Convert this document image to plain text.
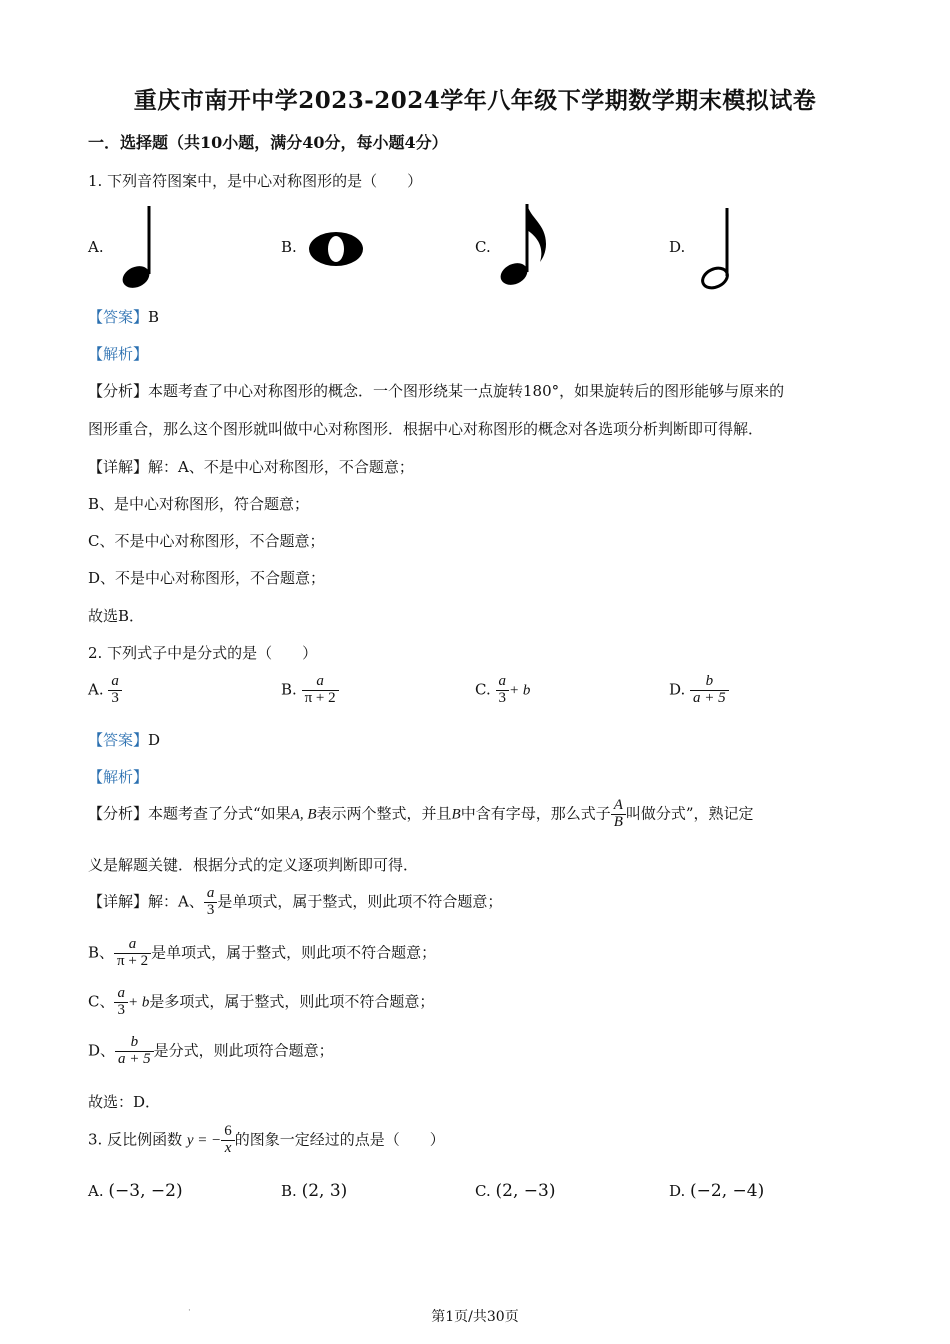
重庆市南开中学2023-2024学年八年级下学期数学期末模拟试卷
一．选择题（共10小题，满分40分，每小题4分）
1. 下列音符图案中，是中心对称图形的是（　　）
A.	B.	C.	D.
【答案】B
【解析】
【分析】本题考查了中心对称图形的概念．一个图形绕某一点旋转180°，如果旋转后的图形能够与原来的
图形重合，那么这个图形就叫做中心对称图形．根据中心对称图形的概念对各选项分析判断即可得解．
【详解】解：A、不是中心对称图形，不合题意；
B、是中心对称图形，符合题意；
C、不是中心对称图形，不合题意；
D、不是中心对称图形，不合题意；
故选B．
2. 下列式子中是分式的是（　　）
A. $\frac{a}{3}$	B. $\frac{a}{\pi + 2}$	C. $\frac{a}{3} + b$	D. $\frac{b}{a + 5}$
【答案】D
【解析】
【分析】本题考查了分式“如果A, B表示两个整式，并且B中含有字母，那么式子 $\frac{A}{B}$ 叫做分式”，熟记定
义是解题关键．根据分式的定义逐项判断即可得．
【详解】解：A、 $\frac{a}{3}$ 是单项式，属于整式，则此项不符合题意；
B、 $\frac{a}{\pi + 2}$ 是单项式，属于整式，则此项不符合题意；
C、 $\frac{a}{3} + b$是多项式，属于整式，则此项不符合题意；
D、 $\frac{b}{a + 5}$ 是分式，则此项符合题意；
故选：D．
3. 反比例函数 y = − $\frac{6}{x}$ 的图象一定经过的点是（　　）
A. (−3, −2)	B. (2, 3)	C. (2, −3)	D. (−2, −4)
·	第1页/共30页
